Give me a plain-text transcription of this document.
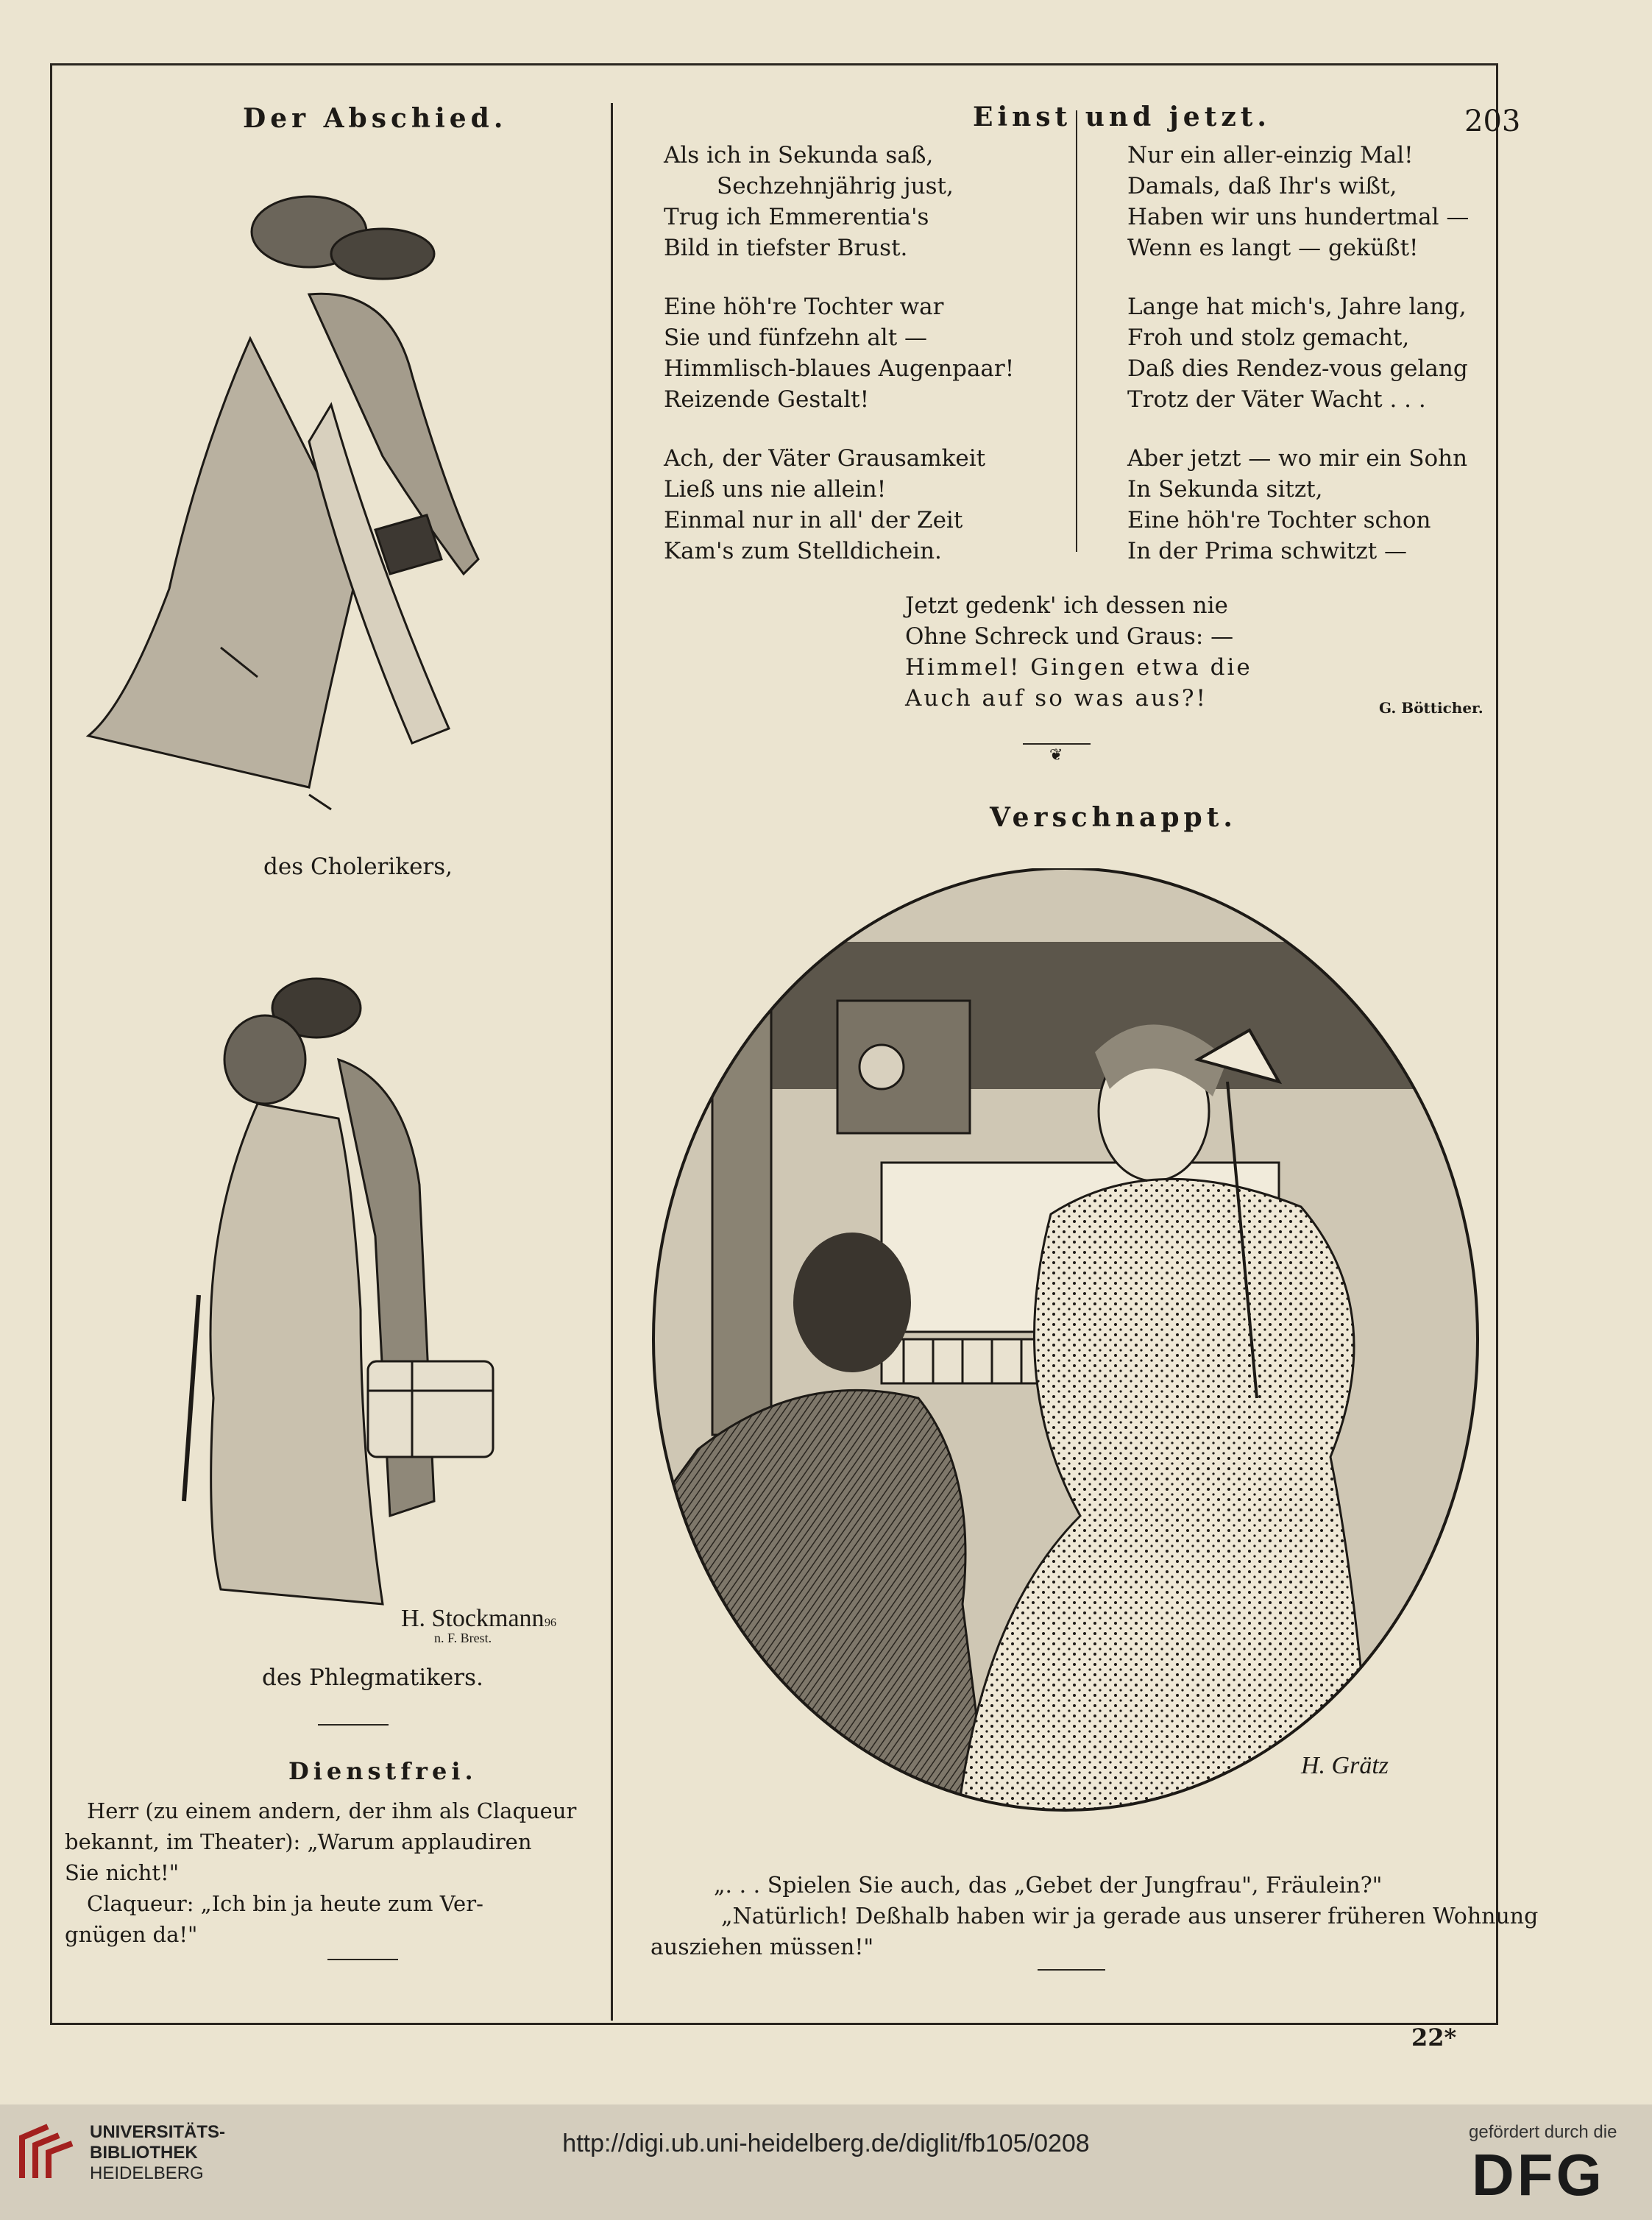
Der Abschied.	Einst und jetzt.	203
des Cholerikers,
H. Stockmann 96
n. F. Brest.
des Phlegmatikers.
Dienstfrei.
Herr (zu einem andern, der ihm als Claqueur
bekannt, im Theater): „Warum applaudiren
Sie nicht!"
Claqueur: „Ich bin ja heute zum Ver-
gnügen da!"

Als ich in Sekunda saß,

Sechzehnjährig just,

Trug ich Emmerentia's

Bild in tiefster Brust.

Eine höh're Tochter war

Sie und fünfzehn alt —

Himmlisch-blaues Augenpaar!

Reizende Gestalt!

Ach, der Väter Grausamkeit

Ließ uns nie allein!

Einmal nur in all' der Zeit

Kam's zum Stelldichein.

Nur ein aller-einzig Mal!

Damals, daß Ihr's wißt,

Haben wir uns hundertmal —

Wenn es langt — geküßt!

Lange hat mich's, Jahre lang,

Froh und stolz gemacht,

Daß dies Rendez-vous gelang

Trotz der Väter Wacht . . .

Aber jetzt — wo mir ein Sohn

In Sekunda sitzt,

Eine höh're Tochter schon

In der Prima schwitzt —

Jetzt gedenk' ich dessen nie

Ohne Schreck und Graus: —

Himmel! Gingen etwa die

Auch auf so was aus?!	G. Bötticher.
❦
Verschnappt.
H. Grätz
„. . . Spielen Sie auch, das „Gebet der Jungfrau", Fräulein?"
„Natürlich! Deßhalb haben wir ja gerade aus unserer früheren Wohnung
ausziehen müssen!"
22*
UNIVERSITÄTS-
BIBLIOTHEK
HEIDELBERG
gefördert durch die
DFG
http://digi.ub.uni-heidelberg.de/diglit/fb105/0208
